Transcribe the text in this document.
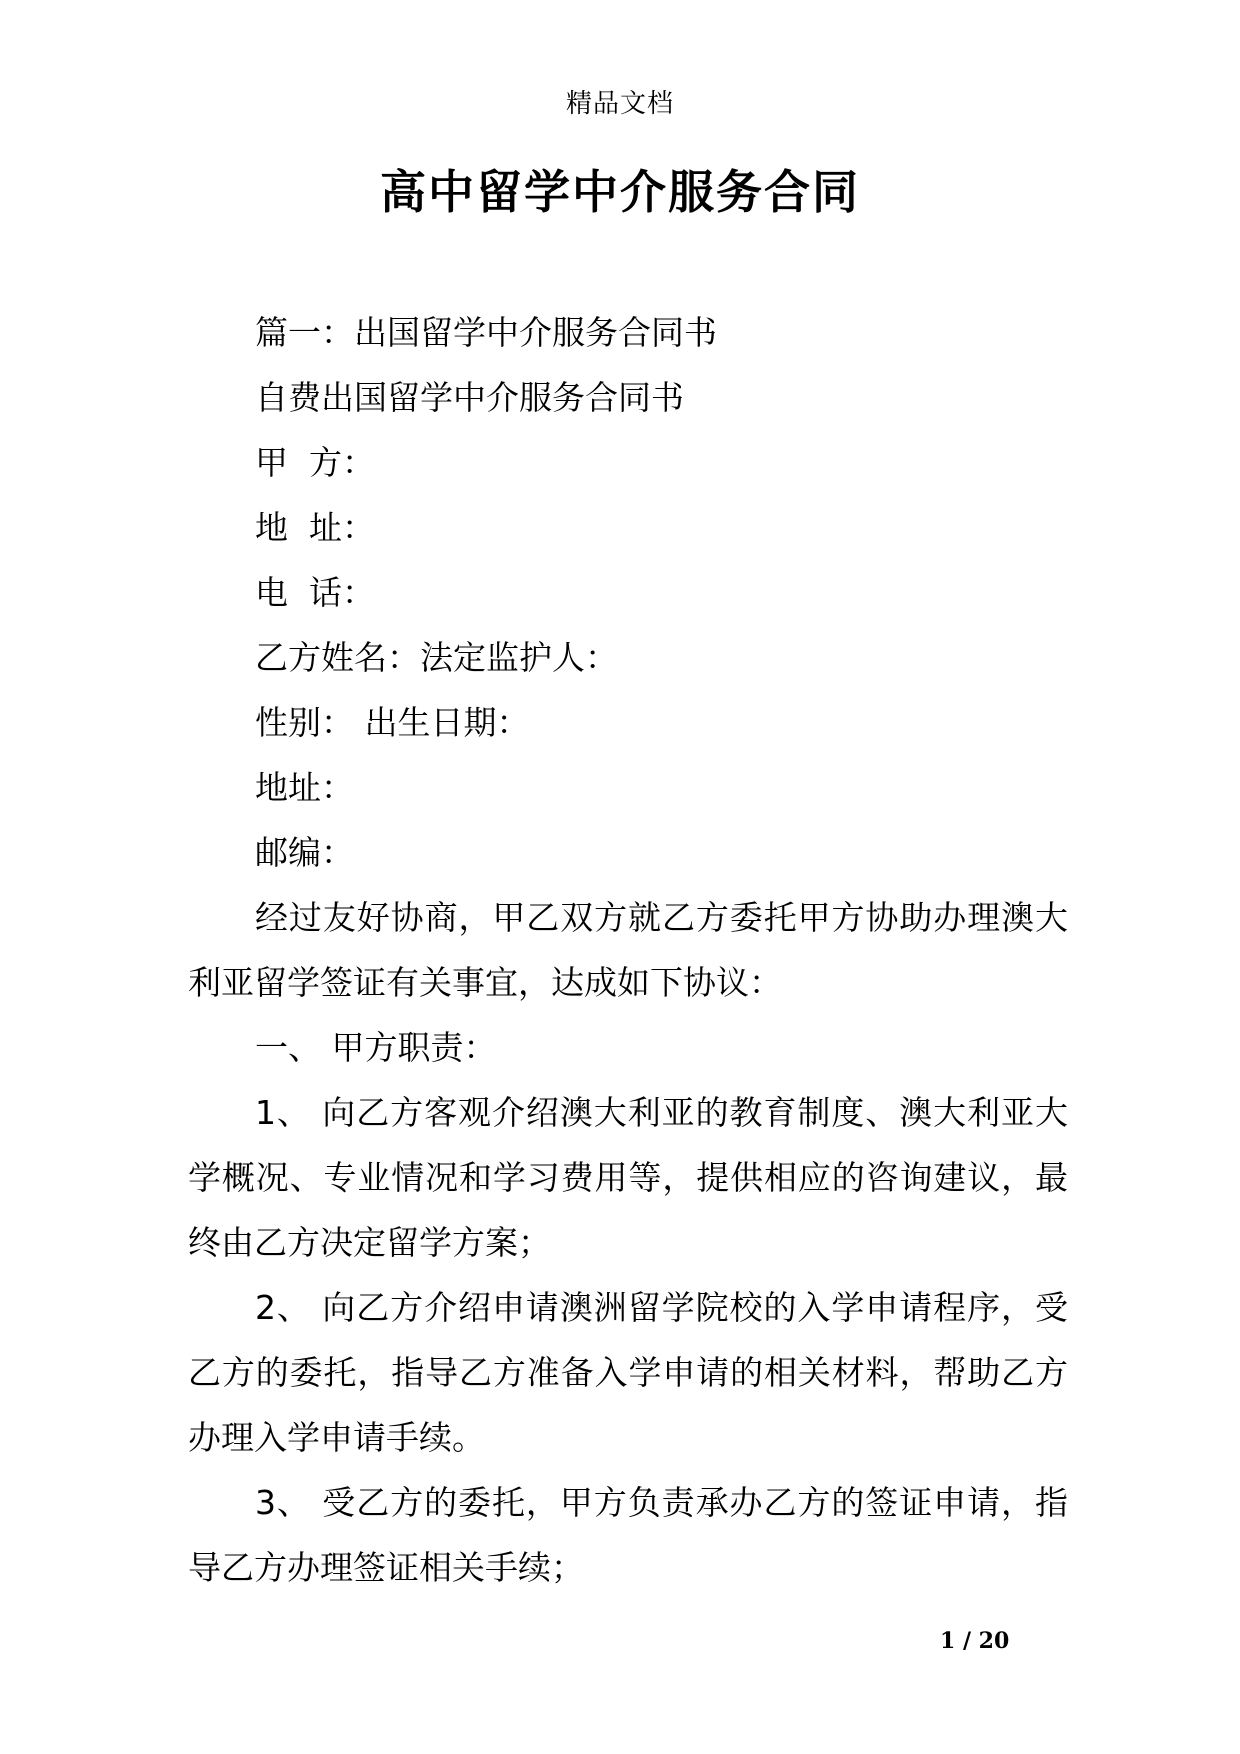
精品文档
高中留学中介服务合同

篇一：出国留学中介服务合同书

自费出国留学中介服务合同书

甲  方：

地  址：

电  话：

乙方姓名：法定监护人：

性别： 出生日期：

地址：

邮编：

经过友好协商，甲乙双方就乙方委托甲方协助办理澳大利亚留学签证有关事宜，达成如下协议：

一、 甲方职责：

1、 向乙方客观介绍澳大利亚的教育制度、澳大利亚大学概况、专业情况和学习费用等，提供相应的咨询建议，最终由乙方决定留学方案；

2、 向乙方介绍申请澳洲留学院校的入学申请程序，受乙方的委托，指导乙方准备入学申请的相关材料，帮助乙方办理入学申请手续。

3、 受乙方的委托，甲方负责承办乙方的签证申请，指导乙方办理签证相关手续；

1 / 20
